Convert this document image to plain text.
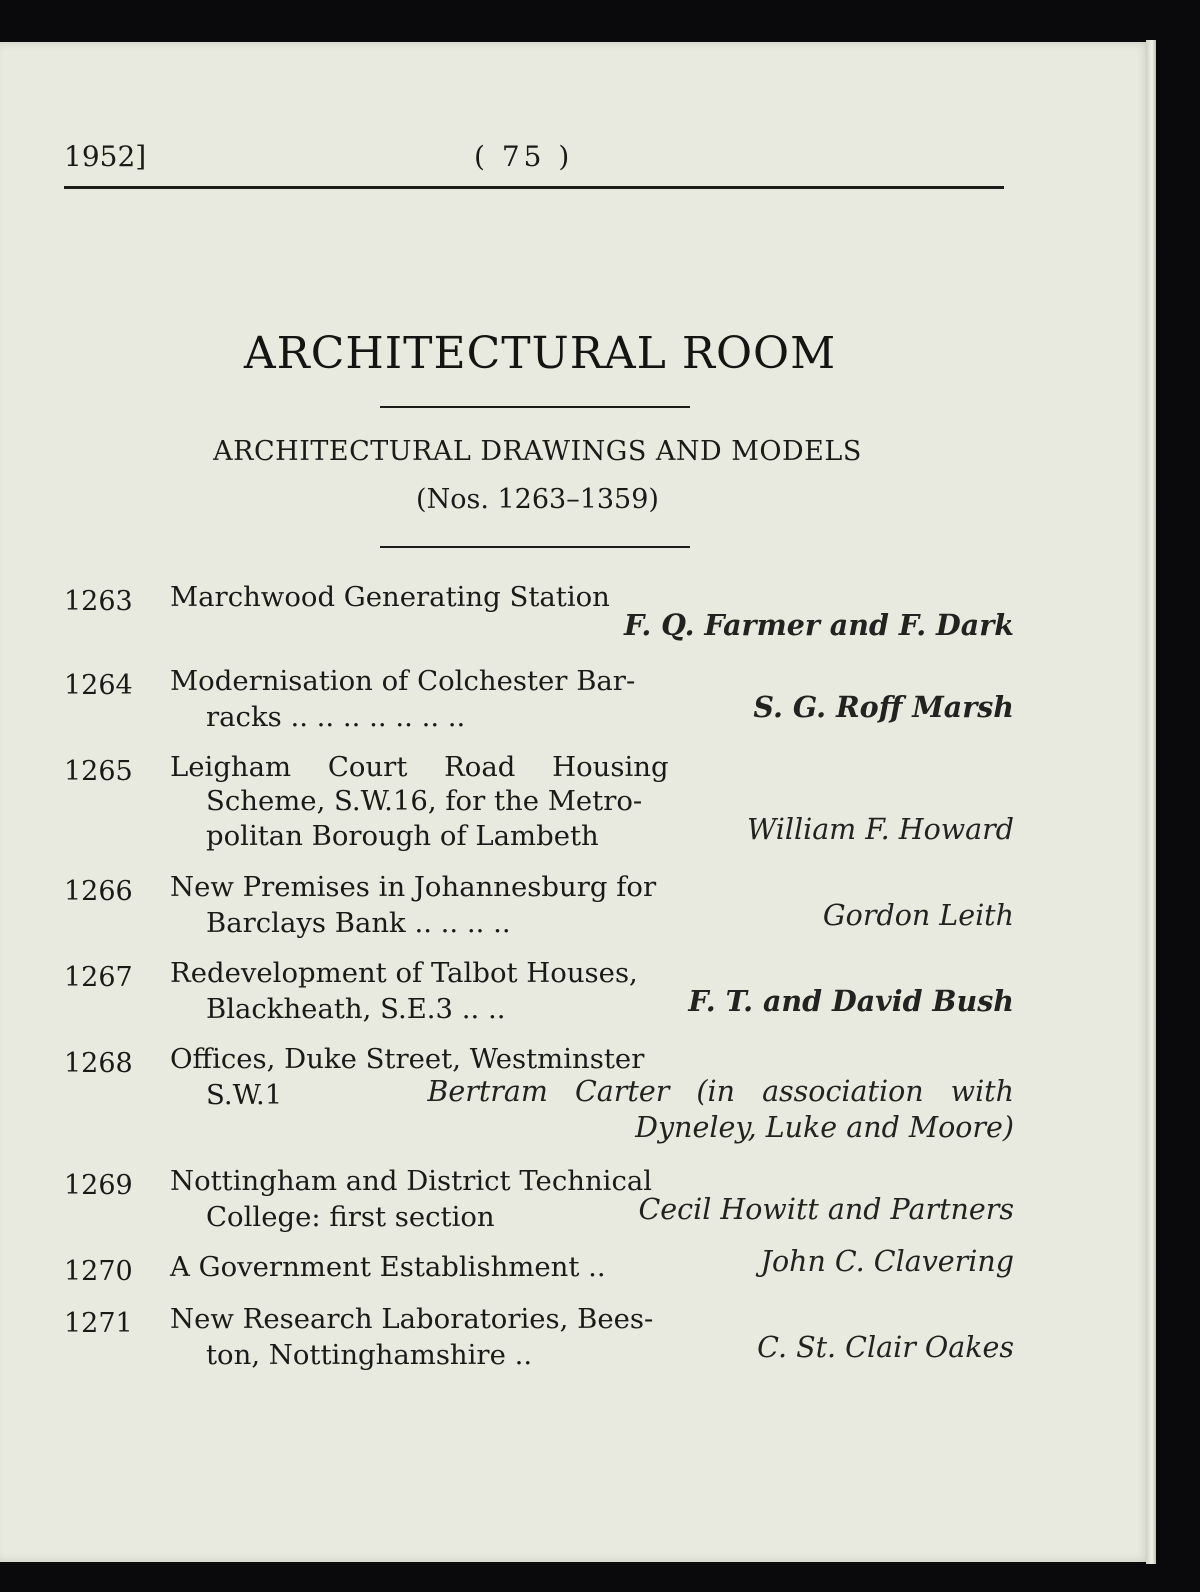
1952]	( 75 )
ARCHITECTURAL ROOM
ARCHITECTURAL DRAWINGS AND MODELS
(Nos. 1263–1359)
1263 Marchwood Generating Station
F. Q. Farmer and F. Dark
1264 Modernisation of Colchester Bar-
racks .. .. .. .. .. .. ..	S. G. Roff Marsh
1265 Leigham Court Road Housing
Scheme, S.W.16, for the Metro-
politan Borough of Lambeth	William F. Howard
1266 New Premises in Johannesburg for
Barclays Bank .. .. .. ..	Gordon Leith
1267 Redevelopment of Talbot Houses,
Blackheath, S.E.3 .. ..	F. T. and David Bush
1268 Offices, Duke Street, Westminster
S.W.1	Bertram Carter (in association with
Dyneley, Luke and Moore)
1269 Nottingham and District Technical
College: first section	Cecil Howitt and Partners
1270 A Government Establishment ..	John C. Clavering
1271 New Research Laboratories, Bees-
ton, Nottinghamshire ..	C. St. Clair Oakes
